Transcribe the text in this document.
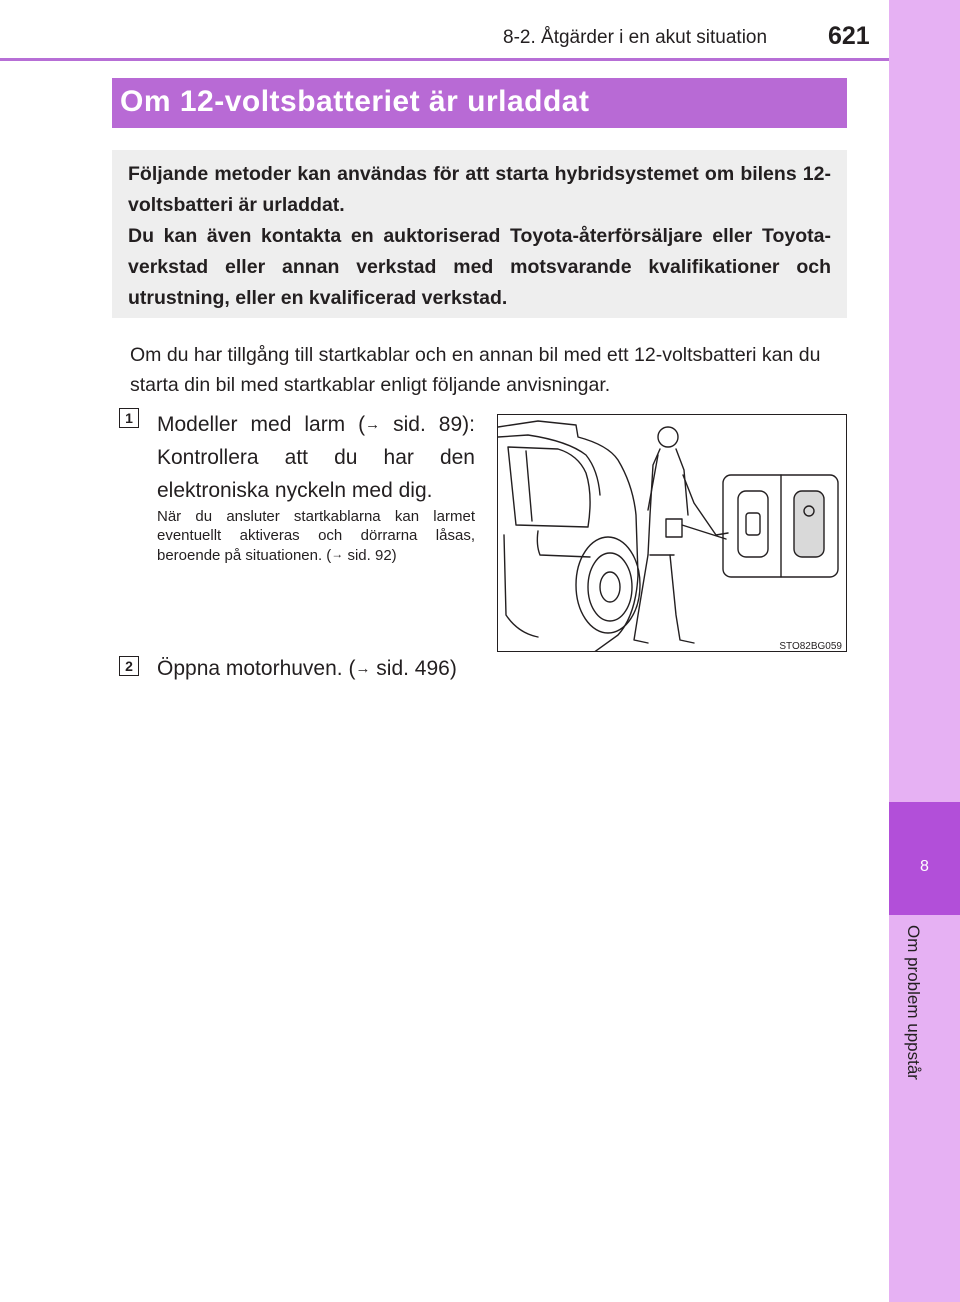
8-2. Åtgärder i en akut situation 621
8
Om problem uppstår
Om 12-voltsbatteriet är urladdat

Följande metoder kan användas för att starta hybridsystemet om bilens 12-voltsbatteri är urladdat.

Du kan även kontakta en auktoriserad Toyota-återförsäljare eller Toyota-verkstad eller annan verkstad med motsvarande kvalifikationer och utrustning, eller en kvalificerad verkstad.

Om du har tillgång till startkablar och en annan bil med ett 12-voltsbatteri kan du starta din bil med startkablar enligt följande anvisningar.

1 Modeller med larm (→ sid. 89): Kontrollera att du har den elektroniska nyckeln med dig.

När du ansluter startkablarna kan larmet eventuellt aktiveras och dörrarna låsas, beroende på situationen. (→ sid. 92)

STO82BG059
2 Öppna motorhuven. (→ sid. 496)
